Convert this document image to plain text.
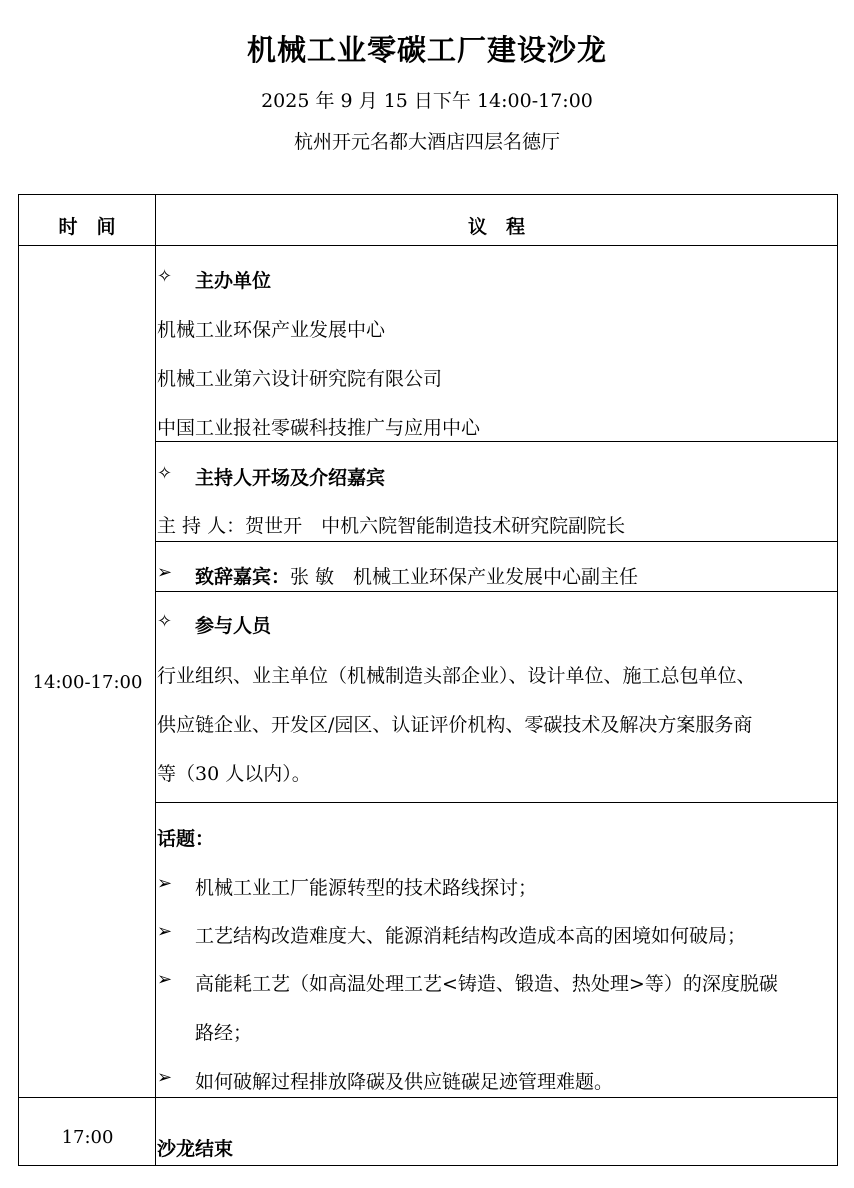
机械工业零碳工厂建设沙龙
2025 年 9 月 15 日下午 14:00-17:00
杭州开元名都大酒店四层名德厅
时　间	议　程
14:00-17:00
17:00
✧ 主办单位
机械工业环保产业发展中心
机械工业第六设计研究院有限公司
中国工业报社零碳科技推广与应用中心
✧ 主持人开场及介绍嘉宾
主 持 人：贺世开　中机六院智能制造技术研究院副院长
➢ 致辞嘉宾：张 敏　机械工业环保产业发展中心副主任
✧ 参与人员
行业组织、业主单位（机械制造头部企业）、设计单位、施工总包单位、
供应链企业、开发区/园区、认证评价机构、零碳技术及解决方案服务商
等（30 人以内）。
话题：
➢ 机械工业工厂能源转型的技术路线探讨；
➢ 工艺结构改造难度大、能源消耗结构改造成本高的困境如何破局；
➢ 高能耗工艺（如高温处理工艺<铸造、锻造、热处理>等）的深度脱碳
路经；
➢ 如何破解过程排放降碳及供应链碳足迹管理难题。
沙龙结束
